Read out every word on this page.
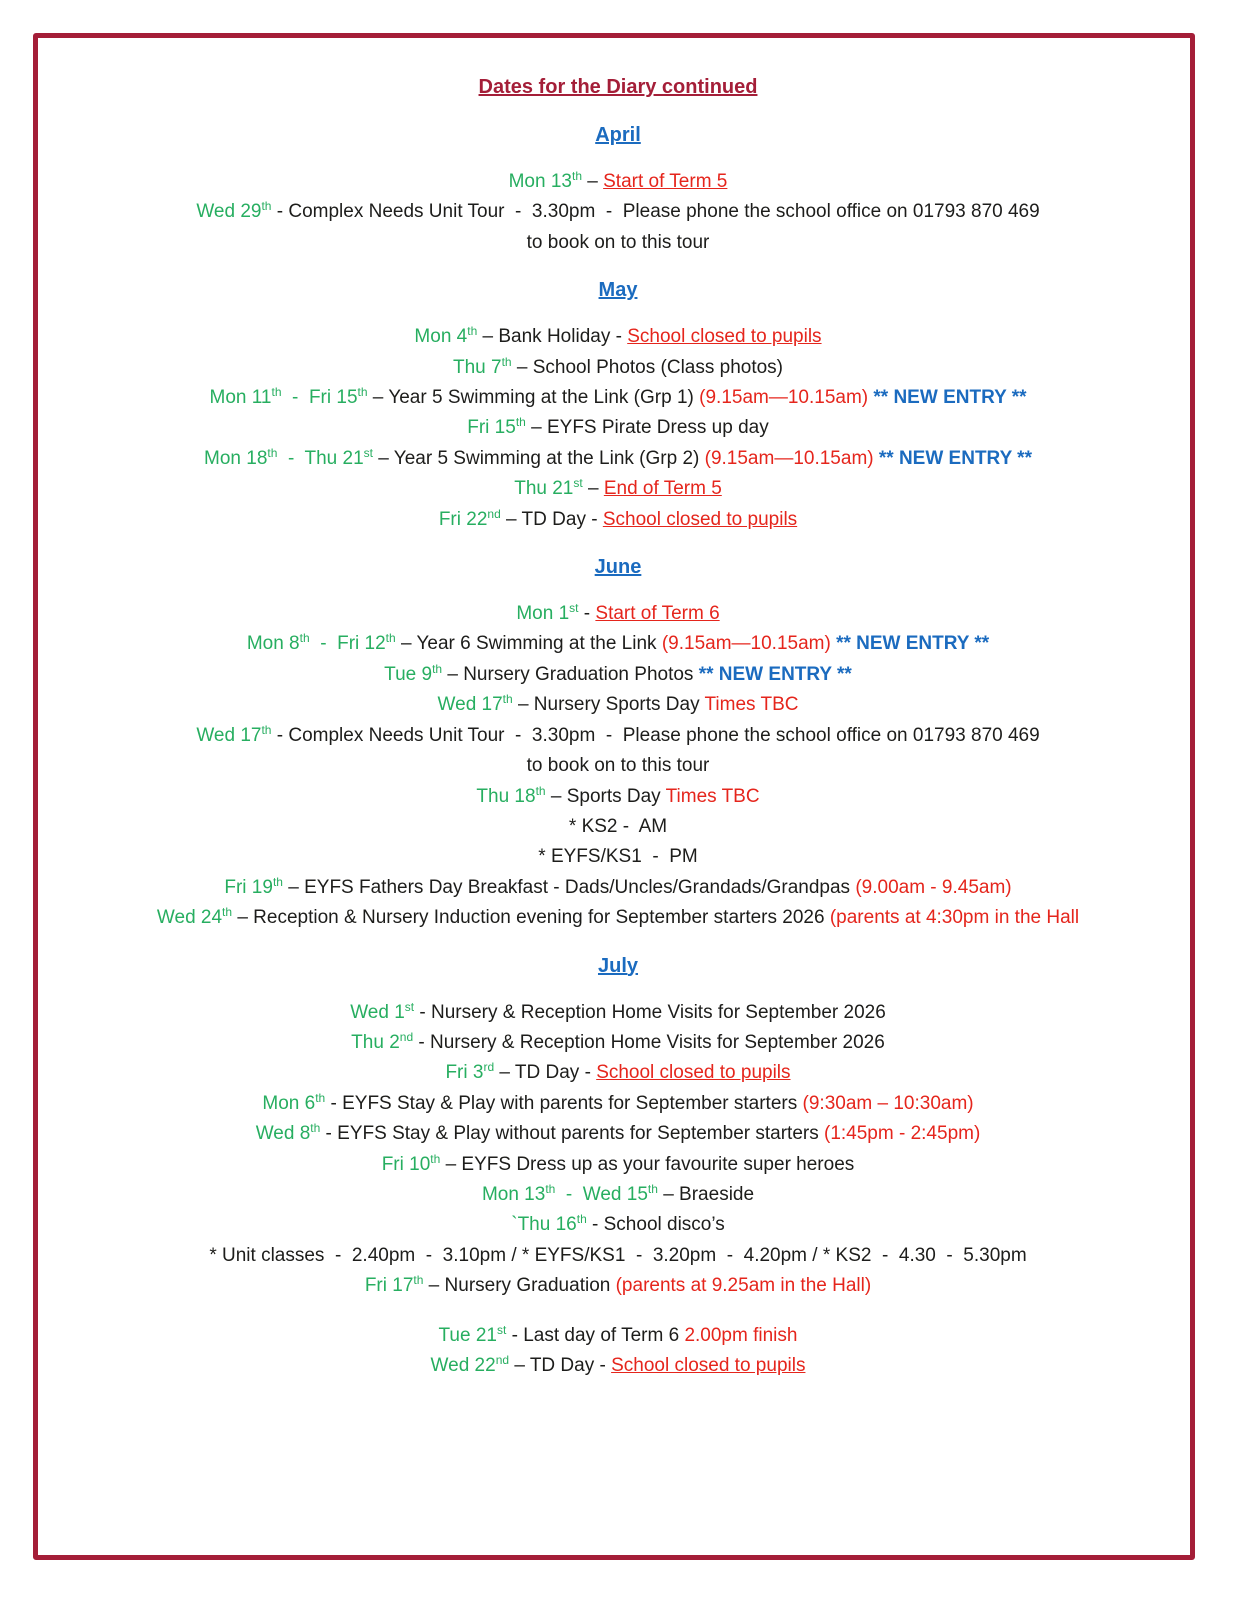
Dates for the Diary continued
April
Mon 13th – Start of Term 5
Wed 29th - Complex Needs Unit Tour  -  3.30pm  -  Please phone the school office on 01793 870 469
to book on to this tour
May
Mon 4th – Bank Holiday - School closed to pupils
Thu 7th – School Photos (Class photos)
Mon 11th  -  Fri 15th – Year 5 Swimming at the Link (Grp 1) (9.15am—10.15am) ** NEW ENTRY **
Fri 15th – EYFS Pirate Dress up day
Mon 18th  -  Thu 21st – Year 5 Swimming at the Link (Grp 2) (9.15am—10.15am) ** NEW ENTRY **
Thu 21st – End of Term 5
Fri 22nd – TD Day - School closed to pupils
June
Mon 1st - Start of Term 6
Mon 8th  -  Fri 12th – Year 6 Swimming at the Link (9.15am—10.15am) ** NEW ENTRY **
Tue 9th – Nursery Graduation Photos ** NEW ENTRY **
Wed 17th – Nursery Sports Day Times TBC
Wed 17th - Complex Needs Unit Tour  -  3.30pm  -  Please phone the school office on 01793 870 469
to book on to this tour
Thu 18th – Sports Day Times TBC
* KS2 -  AM
* EYFS/KS1  -  PM
Fri 19th – EYFS Fathers Day Breakfast - Dads/Uncles/Grandads/Grandpas (9.00am - 9.45am)
Wed 24th – Reception & Nursery Induction evening for September starters 2026 (parents at 4:30pm in the Hall
July
Wed 1st - Nursery & Reception Home Visits for September 2026
Thu 2nd - Nursery & Reception Home Visits for September 2026
Fri 3rd – TD Day - School closed to pupils
Mon 6th - EYFS Stay & Play with parents for September starters (9:30am – 10:30am)
Wed 8th - EYFS Stay & Play without parents for September starters (1:45pm - 2:45pm)
Fri 10th – EYFS Dress up as your favourite super heroes
Mon 13th  -  Wed 15th – Braeside
`Thu 16th - School disco’s
* Unit classes  -  2.40pm  -  3.10pm / * EYFS/KS1  -  3.20pm  -  4.20pm / * KS2  -  4.30  -  5.30pm
Fri 17th – Nursery Graduation (parents at 9.25am in the Hall)
Tue 21st - Last day of Term 6 2.00pm finish
Wed 22nd – TD Day - School closed to pupils
